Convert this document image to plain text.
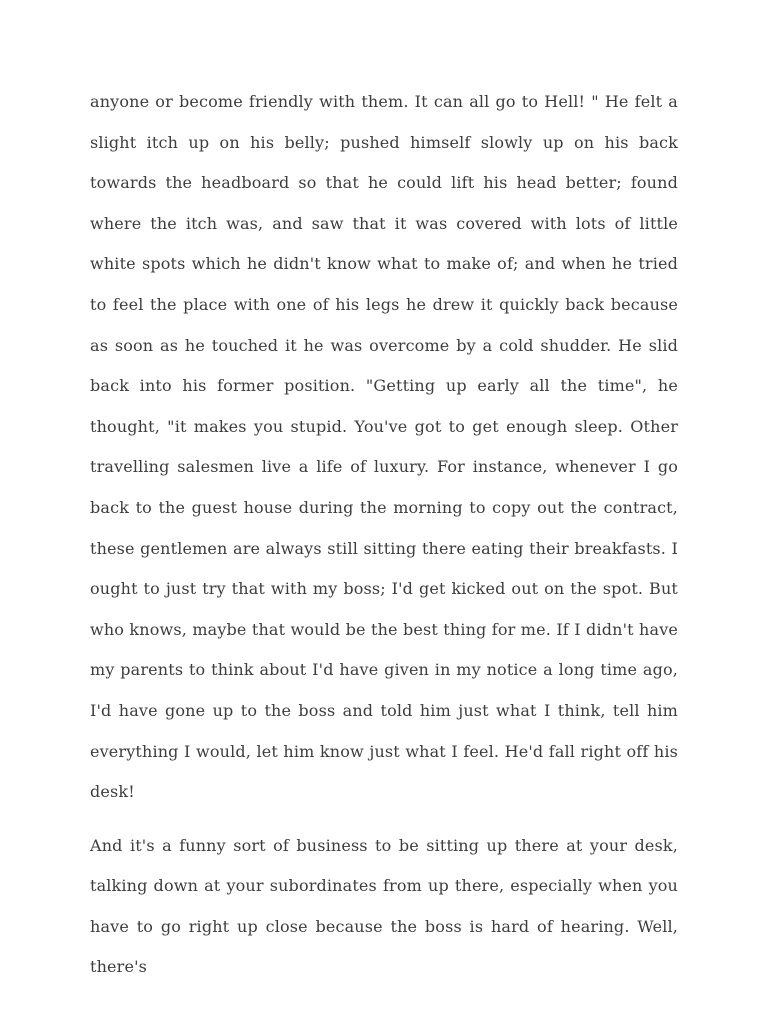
anyone or become friendly with them. It can all go to Hell! " He felt a slight itch up on his belly; pushed himself slowly up on his back towards the headboard so that he could lift his head better; found where the itch was, and saw that it was covered with lots of little white spots which he didn't know what to make of; and when he tried to feel the place with one of his legs he drew it quickly back because as soon as he touched it he was overcome by a cold shudder. He slid back into his former position. "Getting up early all the time", he thought, "it makes you stupid. You've got to get enough sleep. Other travelling salesmen live a life of luxury. For instance, whenever I go back to the guest house during the morning to copy out the contract, these gentlemen are always still sitting there eating their breakfasts. I ought to just try that with my boss; I'd get kicked out on the spot. But who knows, maybe that would be the best thing for me. If I didn't have my parents to think about I'd have given in my notice a long time ago, I'd have gone up to the boss and told him just what I think, tell him everything I would, let him know just what I feel. He'd fall right off his desk!

And it's a funny sort of business to be sitting up there at your desk, talking down at your subordinates from up there, especially when you have to go right up close because the boss is hard of hearing. Well, there's
